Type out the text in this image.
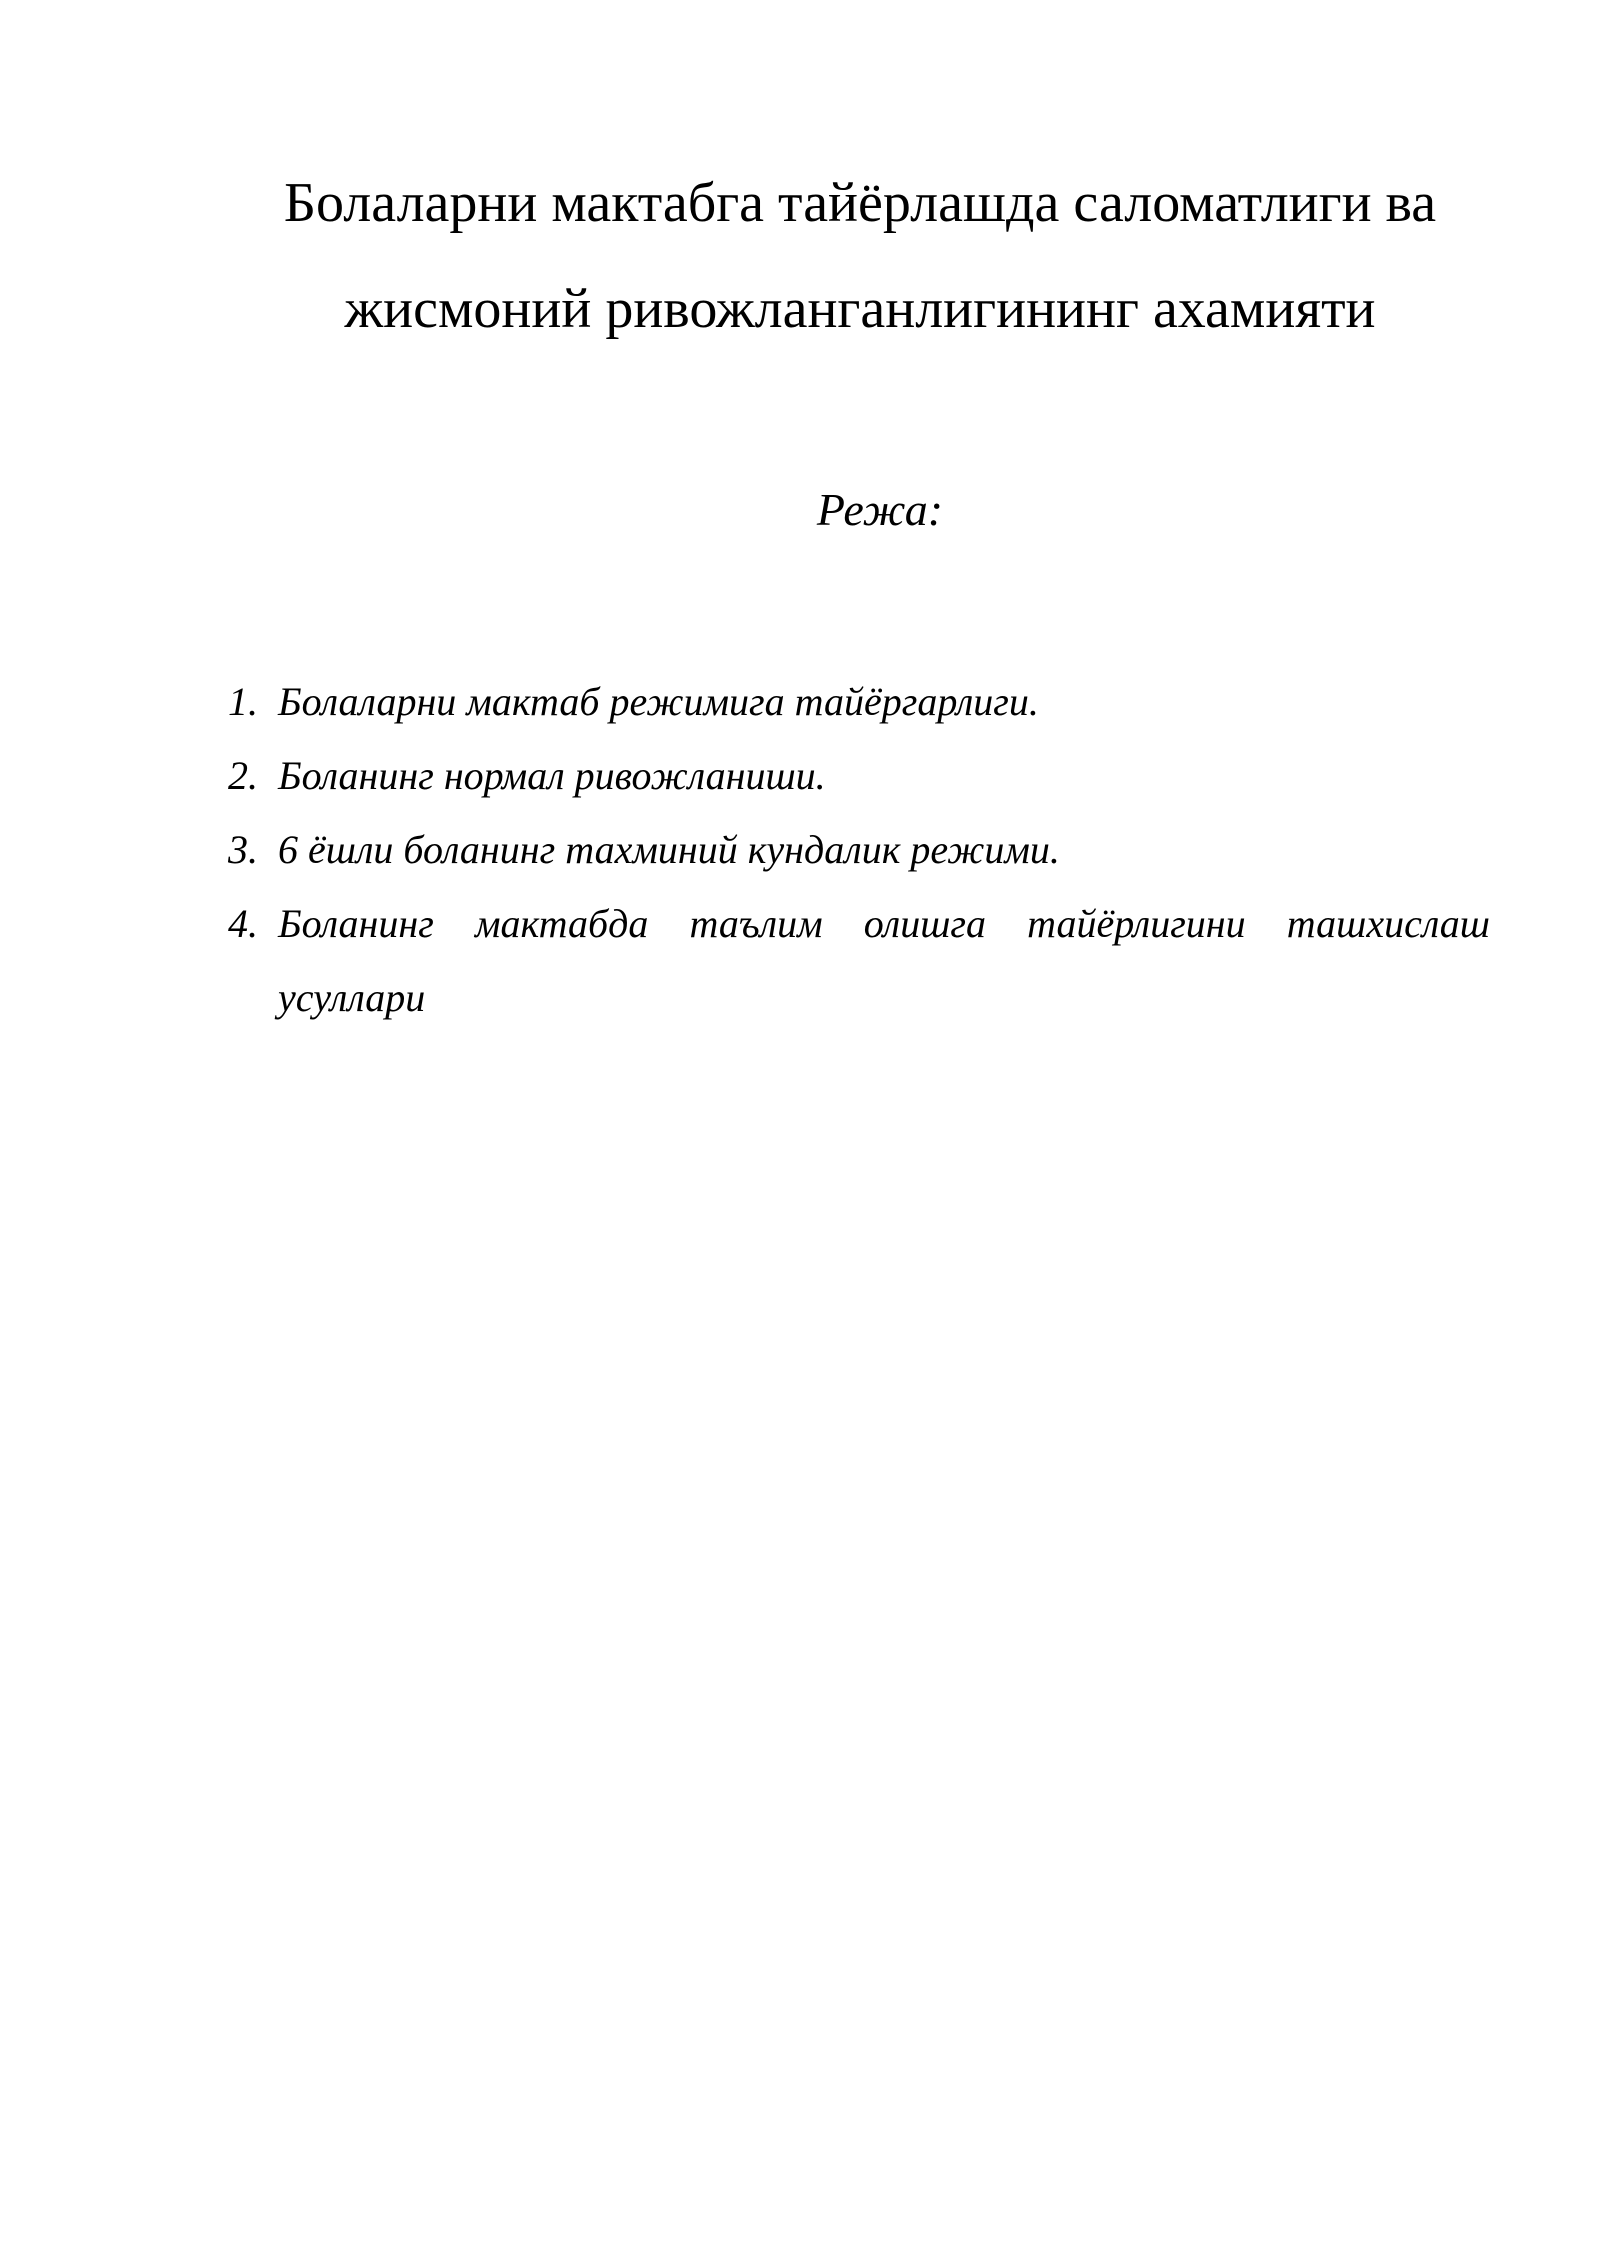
Болаларни мактабга тайёрлашда саломатлиги ва
жисмоний ривожланганлигининг ахамияти

Режа:

1. Болаларни мактаб режимига тайёргарлиги.
2. Боланинг нормал ривожланиши.
3. 6 ёшли боланинг тахминий кундалик режими.
4. Боланинг мактабда таълим олишга тайёрлигини ташхислаш усуллари
